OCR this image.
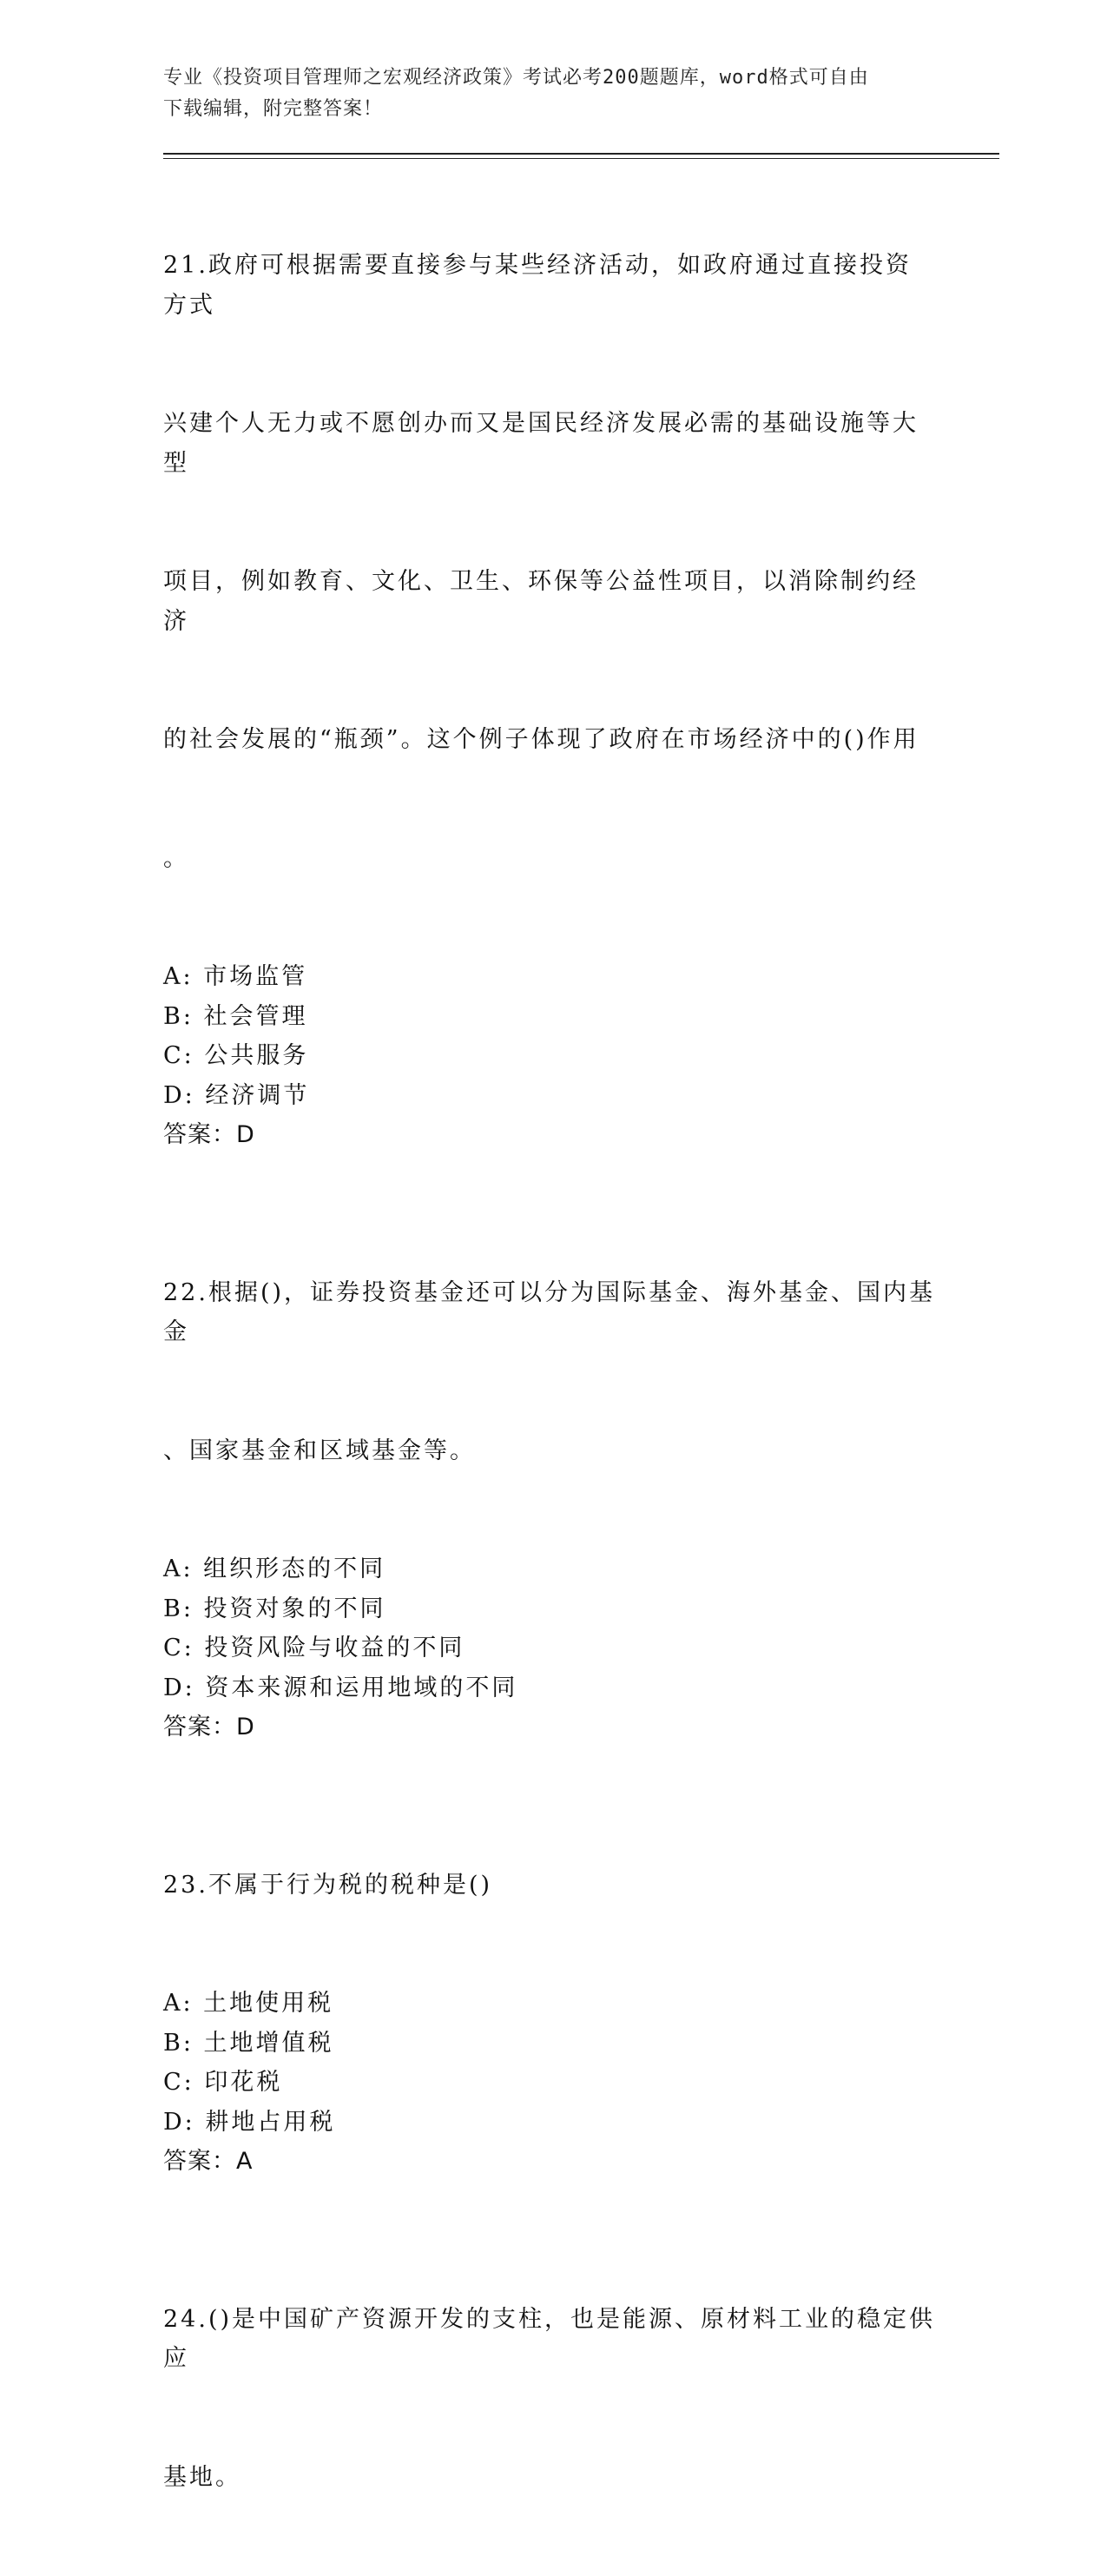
专业《投资项目管理师之宏观经济政策》考试必考200题题库，word格式可自由
下载编辑，附完整答案！

21.政府可根据需要直接参与某些经济活动，如政府通过直接投资方式

兴建个人无力或不愿创办而又是国民经济发展必需的基础设施等大型

项目，例如教育、文化、卫生、环保等公益性项目，以消除制约经济

的社会发展的“瓶颈”。这个例子体现了政府在市场经济中的()作用

。

A: 市场监管
B: 社会管理
C: 公共服务
D: 经济调节
答案：D

22.根据()，证券投资基金还可以分为国际基金、海外基金、国内基金

、国家基金和区域基金等。

A: 组织形态的不同
B: 投资对象的不同
C: 投资风险与收益的不同
D: 资本来源和运用地域的不同
答案：D

23.不属于行为税的税种是()

A: 土地使用税
B: 土地增值税
C: 印花税
D: 耕地占用税
答案：A

24.()是中国矿产资源开发的支柱，也是能源、原材料工业的稳定供应

基地。
